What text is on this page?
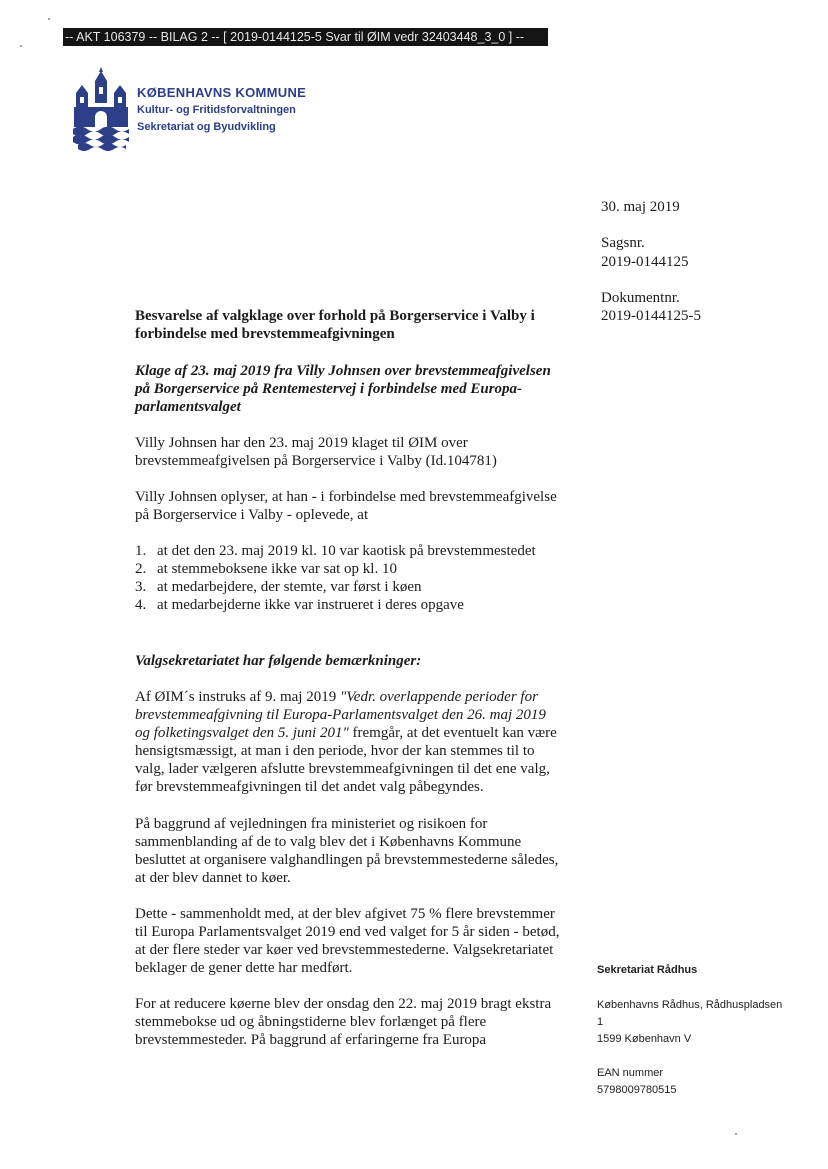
-- AKT 106379 -- BILAG 2 -- [ 2019-0144125-5 Svar til ØIM vedr 32403448_3_0 ] --
KØBENHAVNS KOMMUNE
Kultur- og Fritidsforvaltningen
Sekretariat og Byudvikling
30. maj 2019
Sagsnr.
2019-0144125
Dokumentnr.
2019-0144125-5
Besvarelse af valgklage over forhold på Borgerservice i Valby i
forbindelse med brevstemmeafgivningen
Klage af 23. maj 2019 fra Villy Johnsen over brevstemmeafgivelsen
på Borgerservice på Rentemestervej i forbindelse med Europa-
parlamentsvalget
Villy Johnsen har den 23. maj 2019 klaget til ØIM over
brevstemmeafgivelsen på Borgerservice i Valby (Id.104781)
Villy Johnsen oplyser, at han - i forbindelse med brevstemmeafgivelse
på Borgerservice i Valby - oplevede, at
1. at det den 23. maj 2019 kl. 10 var kaotisk på brevstemmestedet
2. at stemmeboksene ikke var sat op kl. 10
3. at medarbejdere, der stemte, var først i køen
4. at medarbejderne ikke var instrueret i deres opgave
Valgsekretariatet har følgende bemærkninger:
Af ØIM´s instruks af 9. maj 2019 "Vedr. overlappende perioder for
brevstemmeafgivning til Europa-Parlamentsvalget den 26. maj 2019
og folketingsvalget den 5. juni 201" fremgår, at det eventuelt kan være
hensigtsmæssigt, at man i den periode, hvor der kan stemmes til to
valg, lader vælgeren afslutte brevstemmeafgivningen til det ene valg,
før brevstemmeafgivningen til det andet valg påbegyndes.
På baggrund af vejledningen fra ministeriet og risikoen for
sammenblanding af de to valg blev det i Københavns Kommune
besluttet at organisere valghandlingen på brevstemmestederne således,
at der blev dannet to køer.
Dette - sammenholdt med, at der blev afgivet 75 % flere brevstemmer
til Europa Parlamentsvalget 2019 end ved valget for 5 år siden - betød,
at der flere steder var køer ved brevstemmestederne. Valgsekretariatet
beklager de gener dette har medført.
For at reducere køerne blev der onsdag den 22. maj 2019 bragt ekstra
stemmebokse ud og åbningstiderne blev forlænget på flere
brevstemmesteder. På baggrund af erfaringerne fra Europa
Sekretariat Rådhus
Københavns Rådhus, Rådhuspladsen
1
1599 København V
EAN nummer
5798009780515
